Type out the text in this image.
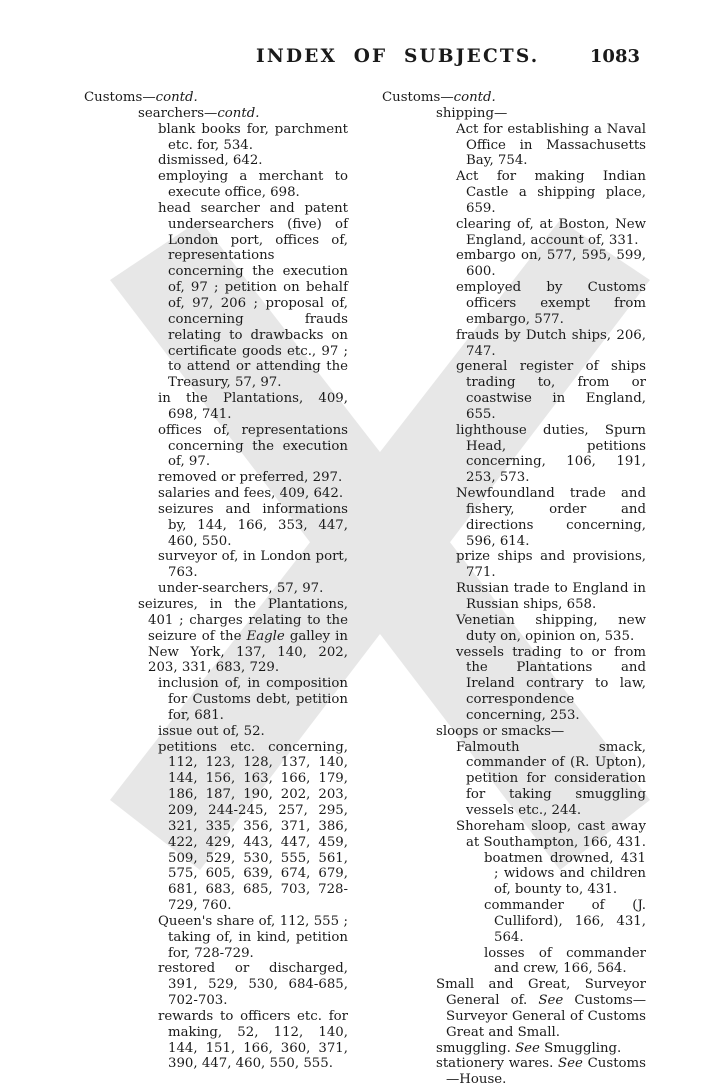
INDEX OF SUBJECTS.	1083

Customs—contd.

searchers—contd.

blank books for, parchment etc. for, 534.

dismissed, 642.

employing a merchant to execute office, 698.

head searcher and patent undersearchers (five) of London port, offices of, representations concerning the execution of, 97 ; petition on behalf of, 97, 206 ; proposal of, concerning frauds relating to drawbacks on certificate goods etc., 97 ; to attend or attending the Treasury, 57, 97.

in the Plantations, 409, 698, 741.

offices of, representations concerning the execution of, 97.

removed or preferred, 297.

salaries and fees, 409, 642.

seizures and informations by, 144, 166, 353, 447, 460, 550.

surveyor of, in London port, 763.

under-searchers, 57, 97.

seizures, in the Plantations, 401 ; charges relating to the seizure of the Eagle galley in New York, 137, 140, 202, 203, 331, 683, 729.

inclusion of, in composition for Customs debt, petition for, 681.

issue out of, 52.

petitions etc. concerning, 112, 123, 128, 137, 140, 144, 156, 163, 166, 179, 186, 187, 190, 202, 203, 209, 244-245, 257, 295, 321, 335, 356, 371, 386, 422, 429, 443, 447, 459, 509, 529, 530, 555, 561, 575, 605, 639, 674, 679, 681, 683, 685, 703, 728-729, 760.

Queen's share of, 112, 555 ; taking of, in kind, petition for, 728-729.

restored or discharged, 391, 529, 530, 684-685, 702-703.

rewards to officers etc. for making, 52, 112, 140, 144, 151, 166, 360, 371, 390, 447, 460, 550, 555.

Customs—contd.

shipping—

Act for establishing a Naval Office in Massachusetts Bay, 754.

Act for making Indian Castle a shipping place, 659.

clearing of, at Boston, New England, account of, 331.

embargo on, 577, 595, 599, 600.

employed by Customs officers exempt from embargo, 577.

frauds by Dutch ships, 206, 747.

general register of ships trading to, from or coastwise in England, 655.

lighthouse duties, Spurn Head, petitions concerning, 106, 191, 253, 573.

Newfoundland trade and fishery, order and directions concerning, 596, 614.

prize ships and provisions, 771.

Russian trade to England in Russian ships, 658.

Venetian shipping, new duty on, opinion on, 535.

vessels trading to or from the Plantations and Ireland contrary to law, correspondence concerning, 253.

sloops or smacks—

Falmouth smack, commander of (R. Upton), petition for consideration for taking smuggling vessels etc., 244.

Shoreham sloop, cast away at Southampton, 166, 431.

boatmen drowned, 431 ; widows and children of, bounty to, 431.

commander of (J. Culliford), 166, 431, 564.

losses of commander and crew, 166, 564.

Small and Great, Surveyor General of. See Customs—Surveyor General of Customs Great and Small.

smuggling. See Smuggling.

stationery wares. See Customs —House.
